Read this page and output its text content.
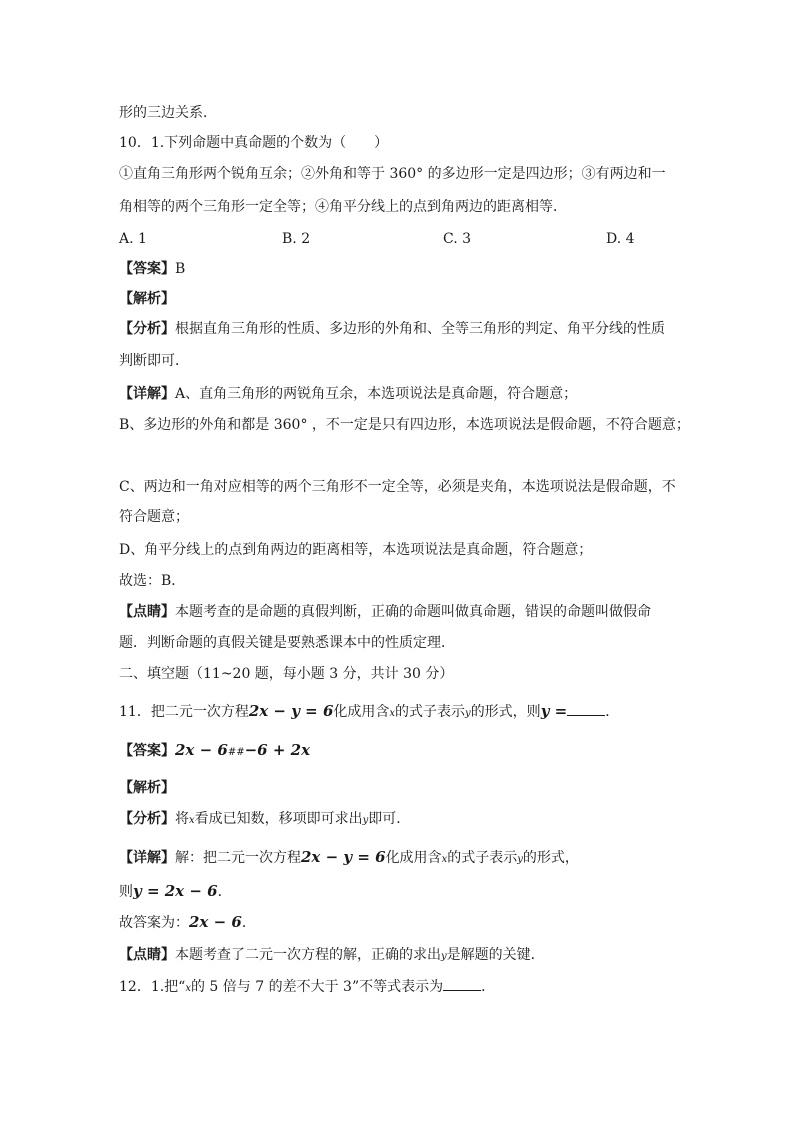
形的三边关系．
10．1.下列命题中真命题的个数为（　　）
①直角三角形两个锐角互余；②外角和等于 360° 的多边形一定是四边形；③有两边和一
角相等的两个三角形一定全等；④角平分线上的点到角两边的距离相等．
A. 1	B. 2	C. 3	D. 4
【答案】B
【解析】
【分析】根据直角三角形的性质、多边形的外角和、全等三角形的判定、角平分线的性质
判断即可．
【详解】A、直角三角形的两锐角互余，本选项说法是真命题，符合题意；
B、多边形的外角和都是 360° ，不一定是只有四边形，本选项说法是假命题，不符合题意；
C、两边和一角对应相等的两个三角形不一定全等，必须是夹角，本选项说法是假命题，不
符合题意；
D、角平分线上的点到角两边的距离相等，本选项说法是真命题，符合题意；
故选：B．
【点睛】本题考查的是命题的真假判断，正确的命题叫做真命题，错误的命题叫做假命
题．判断命题的真假关键是要熟悉课本中的性质定理．
二、填空题（11~20 题，每小题 3 分，共计 30 分）
11．把二元一次方程2x − y = 6化成用含x的式子表示y的形式，则y =	．
【答案】2x − 6##−6 + 2x
【解析】
【分析】将x看成已知数，移项即可求出y即可．
【详解】解：把二元一次方程2x − y = 6化成用含x的式子表示y的形式，
则y = 2x − 6．
故答案为：2x − 6．
【点睛】本题考查了二元一次方程的解，正确的求出y是解题的关键．
12．1.把“x的 5 倍与 7 的差不大于 3”不等式表示为	．
